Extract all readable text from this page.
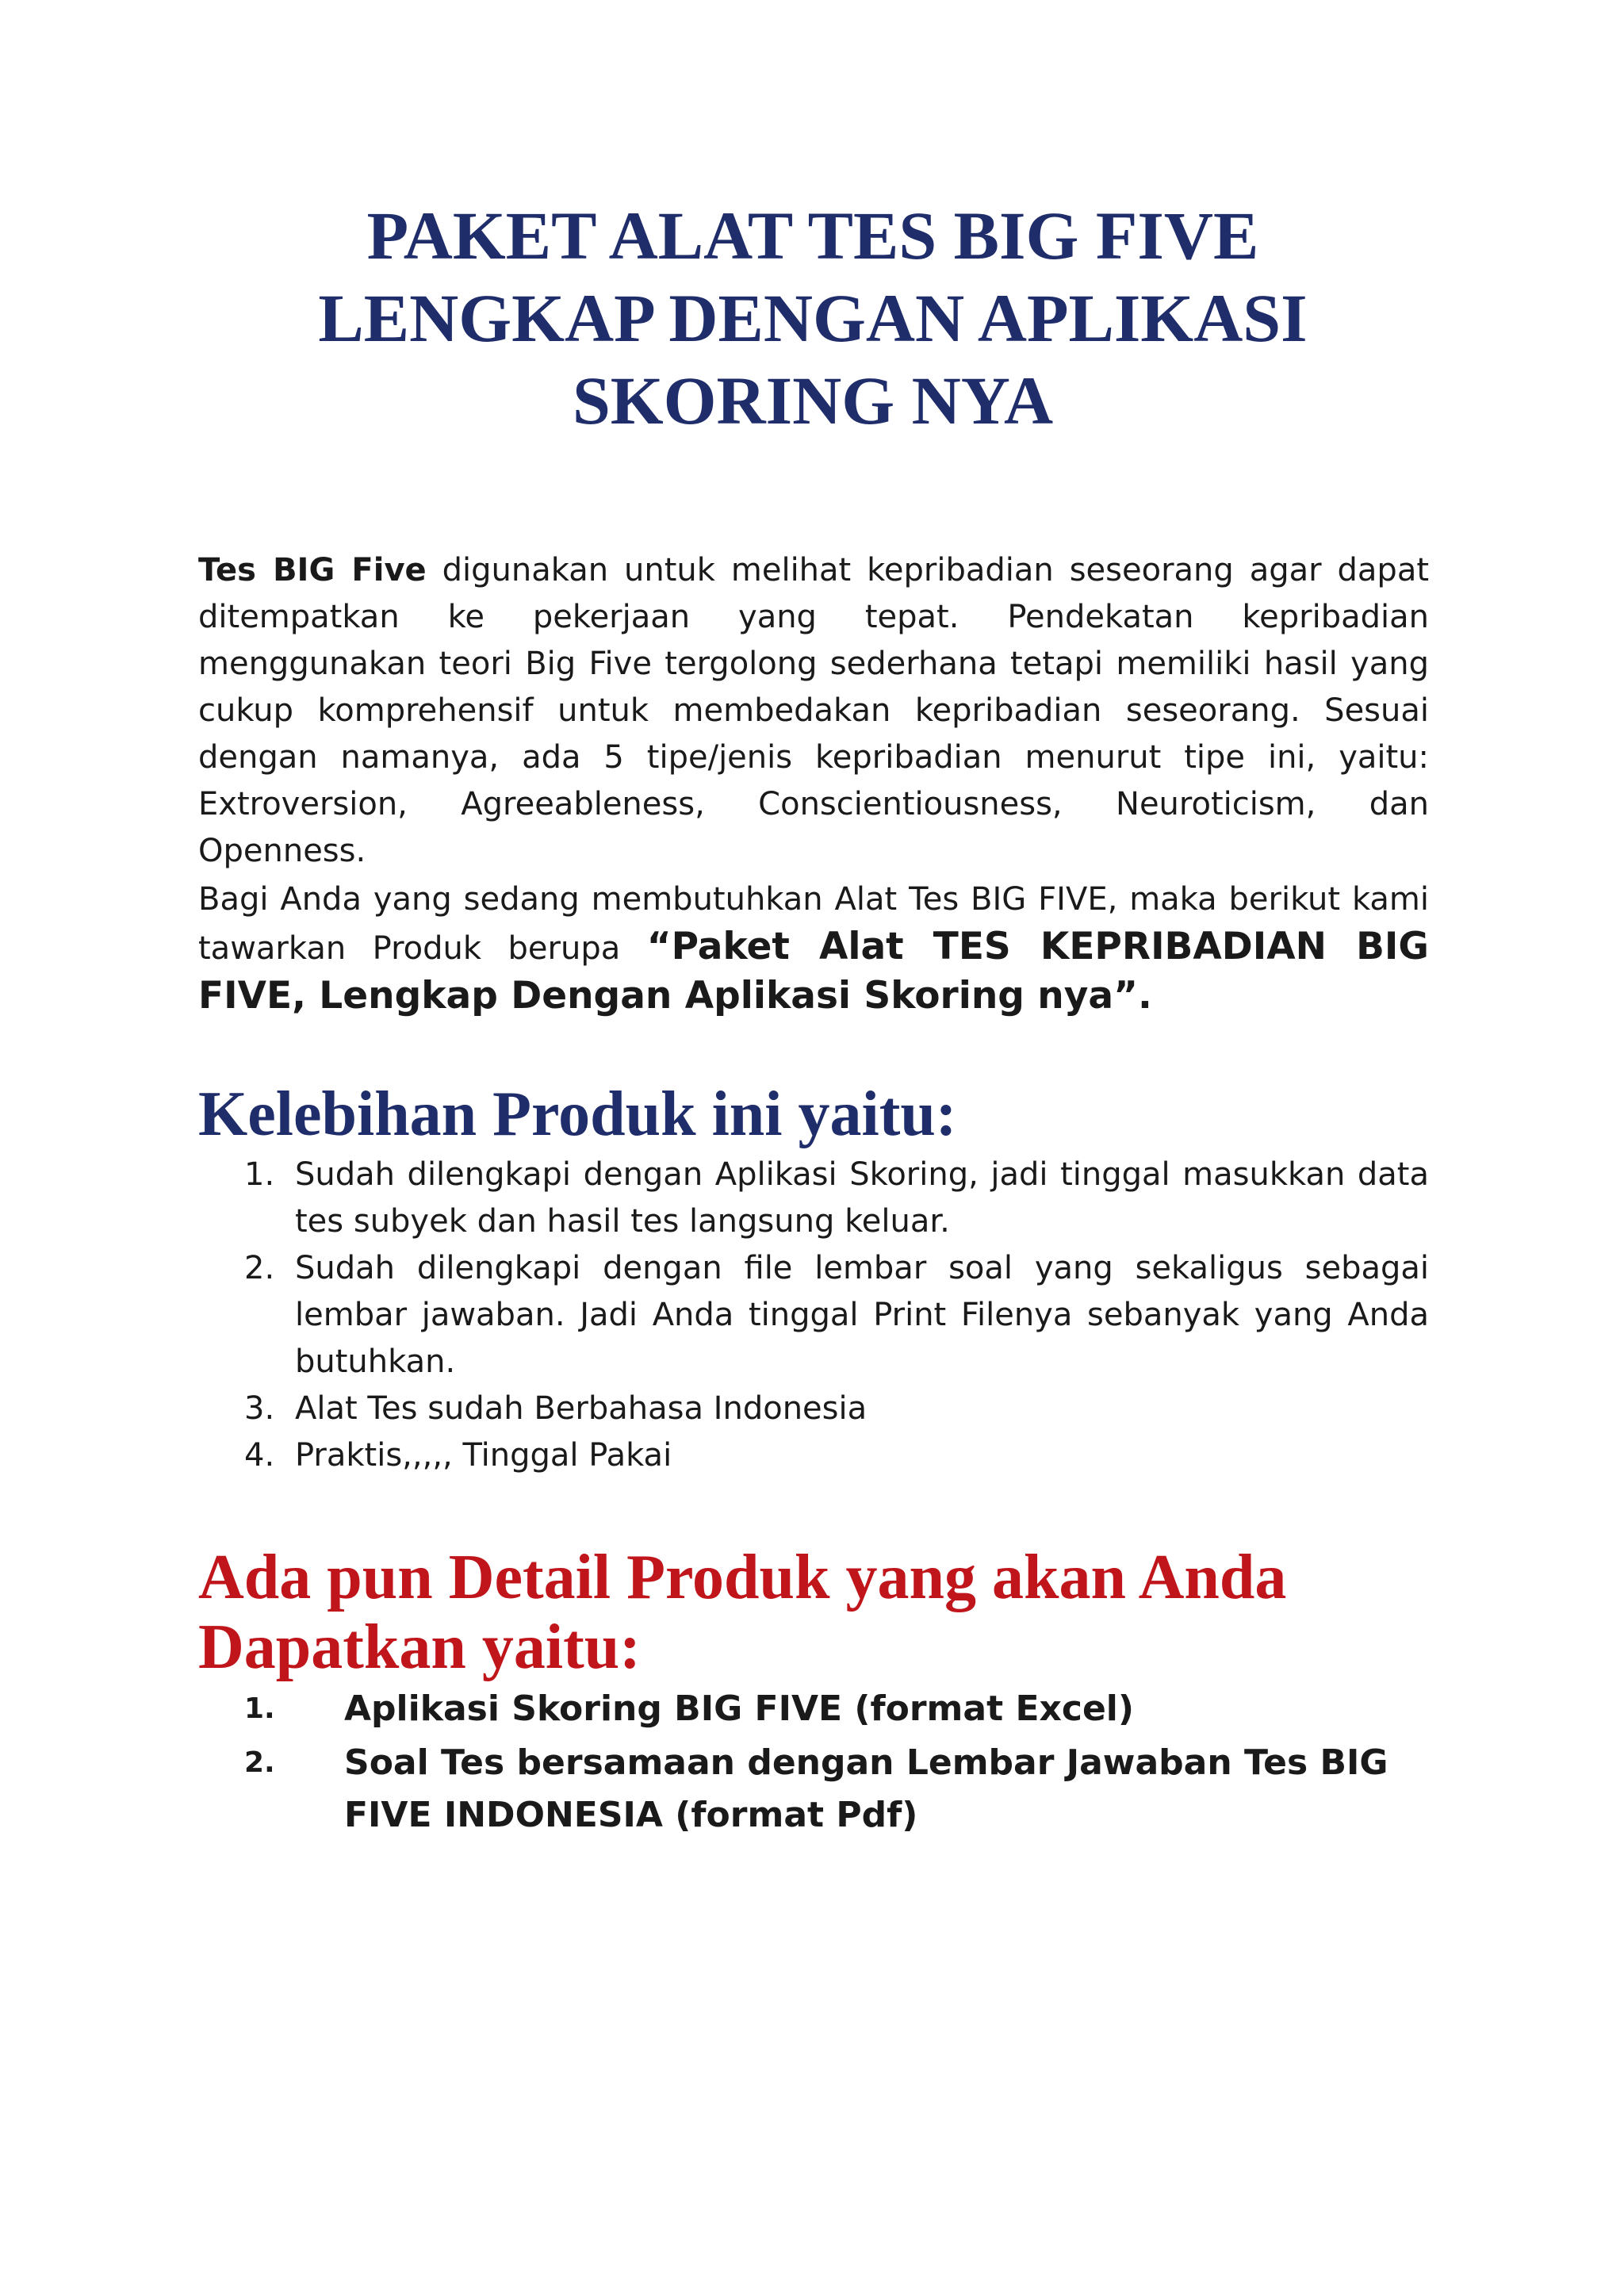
PAKET ALAT TES BIG FIVE
LENGKAP DENGAN APLIKASI
SKORING NYA

Tes BIG Five digunakan untuk melihat kepribadian seseorang agar dapat ditempatkan ke pekerjaan yang tepat. Pendekatan kepribadian menggunakan teori Big Five tergolong sederhana tetapi memiliki hasil yang cukup komprehensif untuk membedakan kepribadian seseorang. Sesuai dengan namanya, ada 5 tipe/jenis kepribadian menurut tipe ini, yaitu: Extroversion, Agreeableness, Conscientiousness, Neuroticism, dan Openness.

Bagi Anda yang sedang membutuhkan Alat Tes BIG FIVE, maka berikut kami tawarkan Produk berupa “Paket Alat TES KEPRIBADIAN BIG FIVE, Lengkap Dengan Aplikasi Skoring nya”.

Kelebihan Produk ini yaitu:
1. Sudah dilengkapi dengan Aplikasi Skoring, jadi tinggal masukkan data tes subyek dan hasil tes langsung keluar.
2. Sudah dilengkapi dengan file lembar soal yang sekaligus sebagai lembar jawaban. Jadi Anda tinggal Print Filenya sebanyak yang Anda butuhkan.
3. Alat Tes sudah Berbahasa Indonesia
4. Praktis,,,,, Tinggal Pakai
Ada pun Detail Produk yang akan Anda Dapatkan yaitu:
1. Aplikasi Skoring BIG FIVE (format Excel)
2. Soal Tes bersamaan dengan Lembar Jawaban Tes BIG FIVE INDONESIA (format Pdf)
